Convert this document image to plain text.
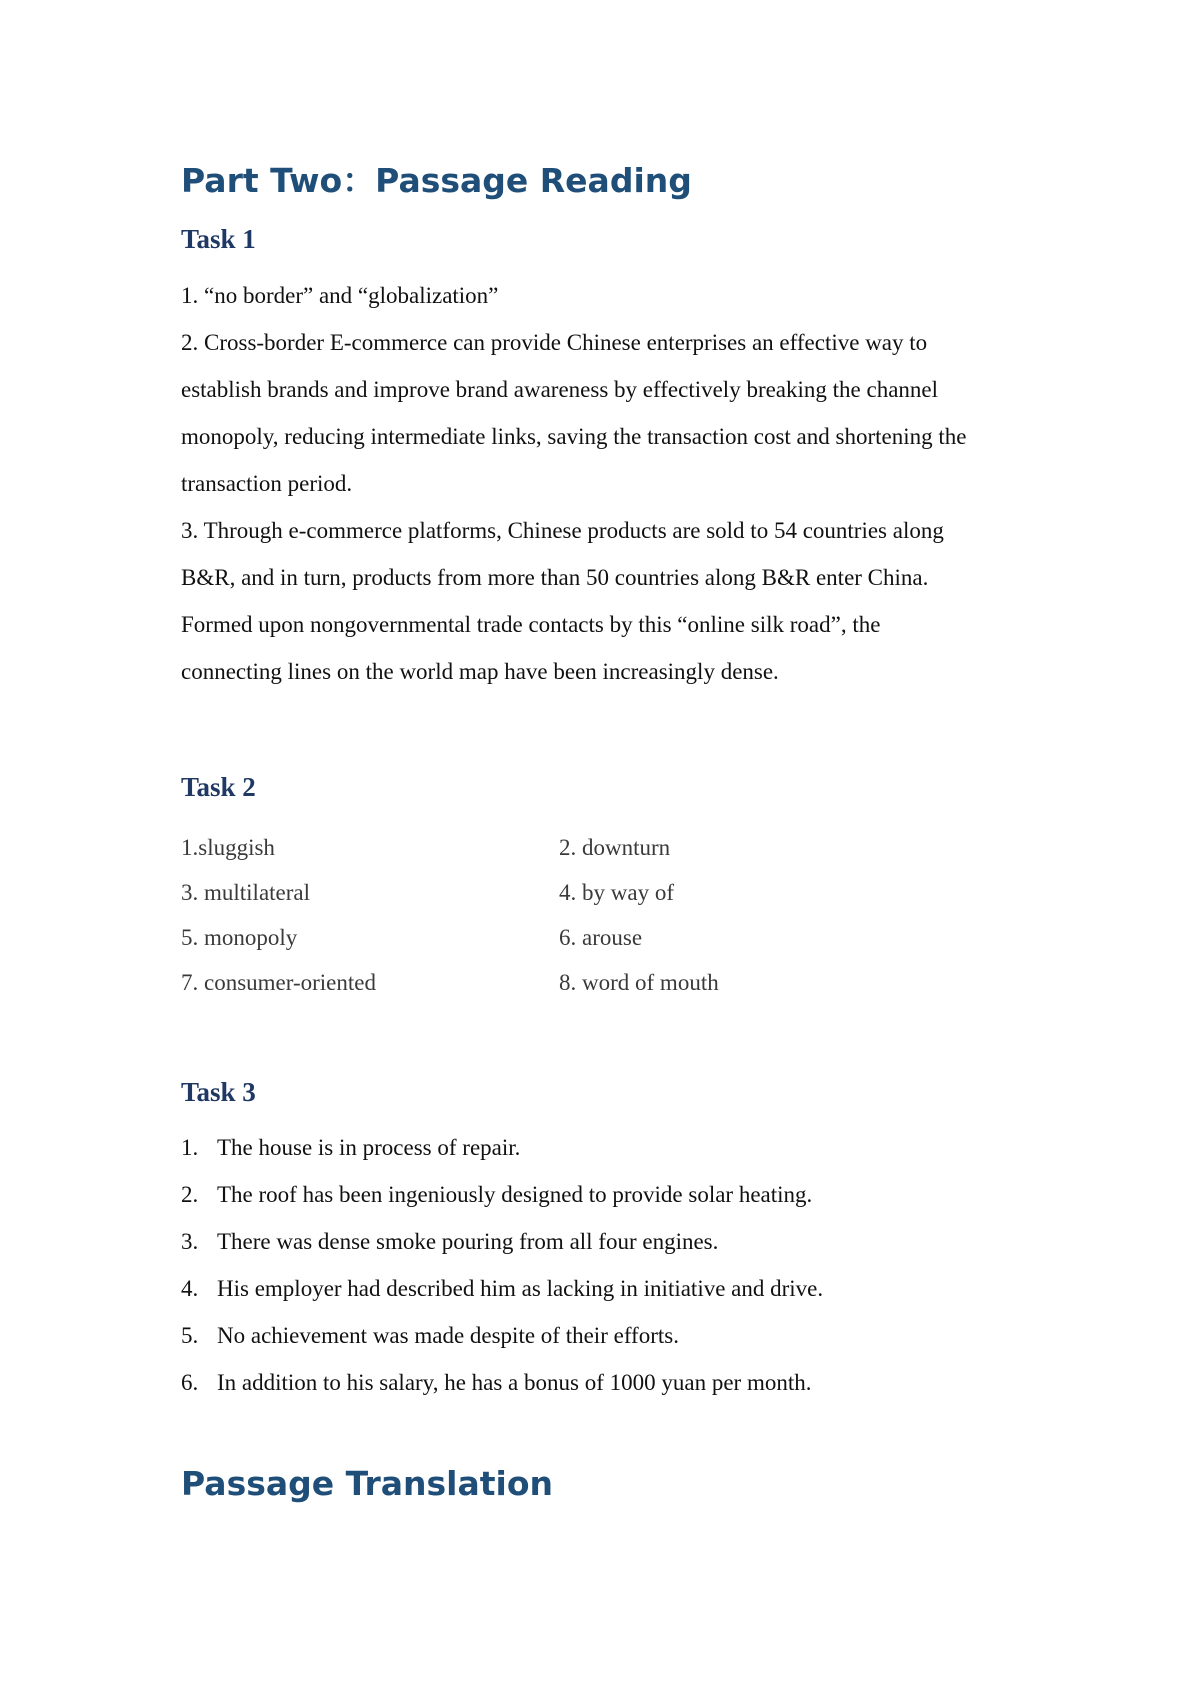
Part Two：Passage Reading
Task 1

1. “no border” and “globalization”

2. Cross-border E-commerce can provide Chinese enterprises an effective way to

establish brands and improve brand awareness by effectively breaking the channel

monopoly, reducing intermediate links, saving the transaction cost and shortening the

transaction period.

3. Through e-commerce platforms, Chinese products are sold to 54 countries along

B&R, and in turn, products from more than 50 countries along B&R enter China.

Formed upon nongovernmental trade contacts by this “online silk road”, the

connecting lines on the world map have been increasingly dense.

Task 2

1.sluggish	2. downturn

3. multilateral	4. by way of

5. monopoly	6. arouse

7. consumer-oriented	8. word of mouth

Task 3

1. The house is in process of repair.

2. The roof has been ingeniously designed to provide solar heating.

3. There was dense smoke pouring from all four engines.

4. His employer had described him as lacking in initiative and drive.

5. No achievement was made despite of their efforts.

6. In addition to his salary, he has a bonus of 1000 yuan per month.

Passage Translation
